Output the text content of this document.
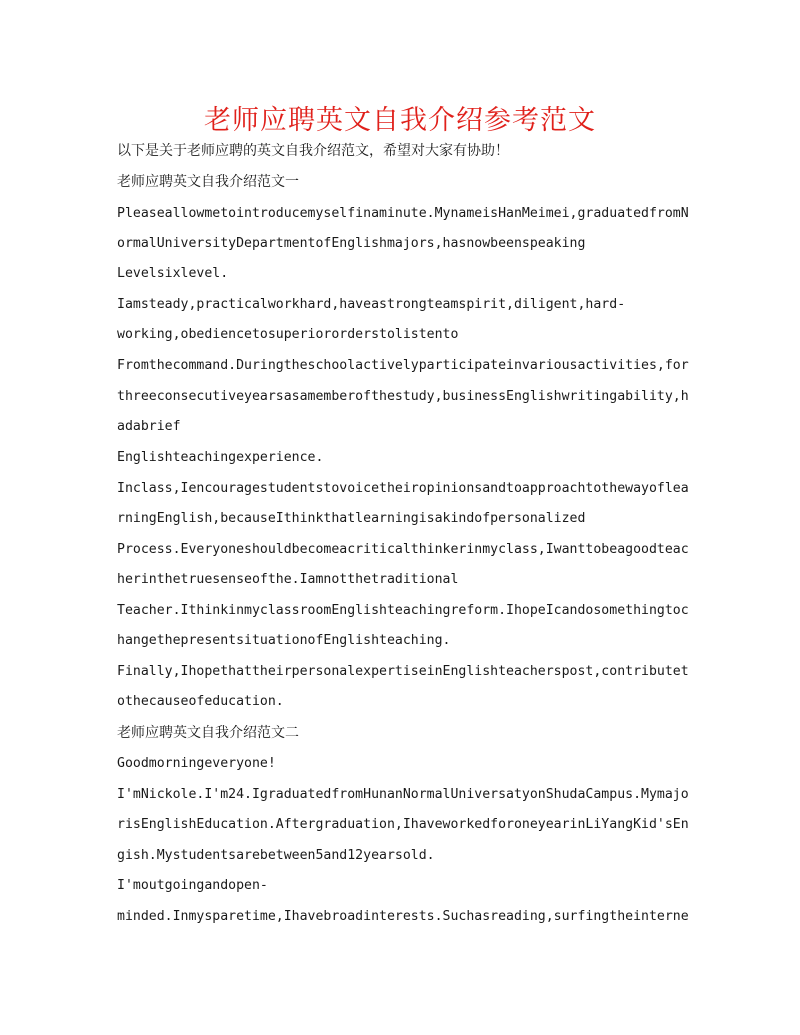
老师应聘英文自我介绍参考范文
以下是关于老师应聘的英文自我介绍范文，希望对大家有协助！
老师应聘英文自我介绍范文一
Pleaseallowmetointroducemyselfinaminute.MynameisHanMeimei,graduatedfromN
ormalUniversityDepartmentofEnglishmajors,hasnowbeenspeaking
Levelsixlevel.
Iamsteady,practicalworkhard,haveastrongteamspirit,diligent,hard-
working,obediencetosuperiororderstolistento
Fromthecommand.Duringtheschoolactivelyparticipateinvariousactivities,for
threeconsecutiveyearsasamemberofthestudy,businessEnglishwritingability,h
adabrief
Englishteachingexperience.
Inclass,Iencouragestudentstovoicetheiropinionsandtoapproachtothewayoflea
rningEnglish,becauseIthinkthatlearningisakindofpersonalized
Process.Everyoneshouldbecomeacriticalthinkerinmyclass,Iwanttobeagoodteac
herinthetruesenseofthe.Iamnotthetraditional
Teacher.IthinkinmyclassroomEnglishteachingreform.IhopeIcandosomethingtoc
hangethepresentsituationofEnglishteaching.
Finally,IhopethattheirpersonalexpertiseinEnglishteacherspost,contributet
othecauseofeducation.
老师应聘英文自我介绍范文二
Goodmorningeveryone!
I'mNickole.I'm24.IgraduatedfromHunanNormalUniversatyonShudaCampus.Mymajo
risEnglishEducation.Aftergraduation,IhaveworkedforoneyearinLiYangKid'sEn
gish.Mystudentsarebetween5and12yearsold.
I'moutgoingandopen-
minded.Inmysparetime,Ihavebroadinterests.Suchasreading,surfingtheinterne
